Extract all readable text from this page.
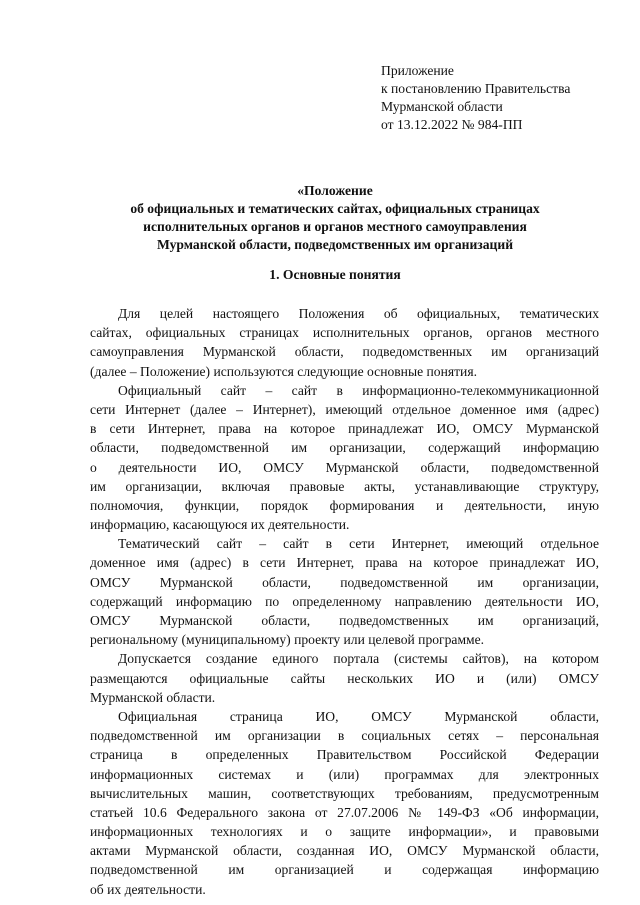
Приложение
к постановлению Правительства
Мурманской области
от 13.12.2022 № 984-ПП
«Положение
об официальных и тематических сайтах, официальных страницах
исполнительных органов и органов местного самоуправления
Мурманской области, подведомственных им организаций
1. Основные понятия
Для целей настоящего Положения об официальных, тематических
сайтах, официальных страницах исполнительных органов, органов местного
самоуправления Мурманской области, подведомственных им организаций
(далее – Положение) используются следующие основные понятия.
Официальный сайт – сайт в информационно-телекоммуникационной
сети Интернет (далее – Интернет), имеющий отдельное доменное имя (адрес)
в сети Интернет, права на которое принадлежат ИО, ОМСУ Мурманской
области, подведомственной им организации, содержащий информацию
о деятельности ИО, ОМСУ Мурманской области, подведомственной
им организации, включая правовые акты, устанавливающие структуру,
полномочия, функции, порядок формирования и деятельности, иную
информацию, касающуюся их деятельности.
Тематический сайт – сайт в сети Интернет, имеющий отдельное
доменное имя (адрес) в сети Интернет, права на которое принадлежат ИО,
ОМСУ Мурманской области, подведомственной им организации,
содержащий информацию по определенному направлению деятельности ИО,
ОМСУ Мурманской области, подведомственных им организаций,
региональному (муниципальному) проекту или целевой программе.
Допускается создание единого портала (системы сайтов), на котором
размещаются официальные сайты нескольких ИО и (или) ОМСУ
Мурманской области.
Официальная страница ИО, ОМСУ Мурманской области,
подведомственной им организации в социальных сетях – персональная
страница в определенных Правительством Российской Федерации
информационных системах и (или) программах для электронных
вычислительных машин, соответствующих требованиям, предусмотренным
статьей 10.6 Федерального закона от 27.07.2006 № 149-ФЗ «Об информации,
информационных технологиях и о защите информации», и правовыми
актами Мурманской области, созданная ИО, ОМСУ Мурманской области,
подведомственной им организацией и содержащая информацию
об их деятельности.
